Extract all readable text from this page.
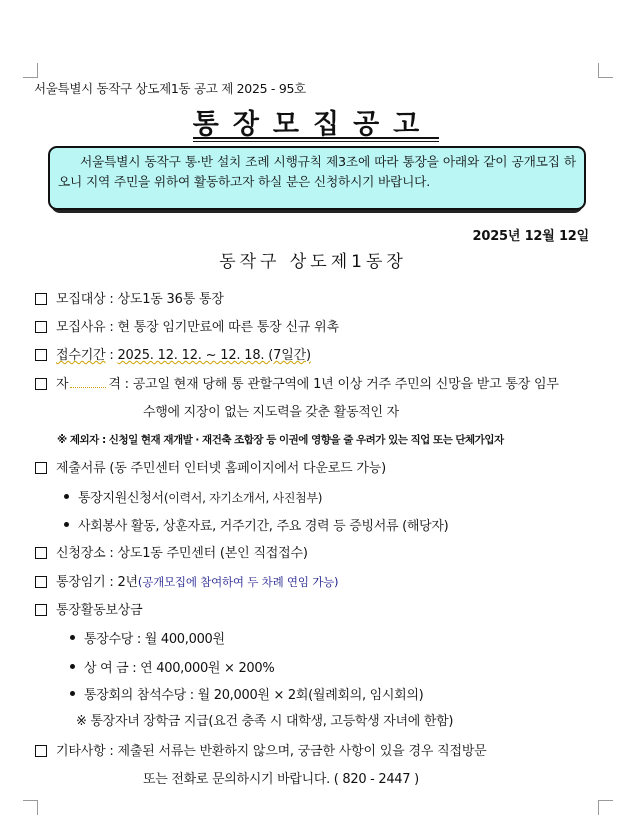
서울특별시 동작구 상도제1동 공고 제 2025 - 95호
통장모집공고
서울특별시 동작구 통·반 설치 조례 시행규칙 제3조에 따라 통장을 아래와 같이 공개모집 하오니 지역 주민을 위하여 활동하고자 하실 분은 신청하시기 바랍니다.
2025년 12월 12일
동작구 상도제1동장
모집대상 : 상도1동 36통 통장
모집사유 : 현 통장 임기만료에 따른 통장 신규 위촉
접수기간 : 2025. 12. 12. ~ 12. 18. (7일간)
자	격 : 공고일 현재 당해 통 관할구역에 1년 이상 거주 주민의 신망을 받고 통장 임무
수행에 지장이 없는 지도력을 갖춘 활동적인 자
※ 제외자 : 신청일 현재 재개발 · 재건축 조합장 등 이권에 영향을 줄 우려가 있는 직업 또는 단체가입자
제출서류 (동 주민센터 인터넷 홈페이지에서 다운로드 가능)
통장지원신청서(이력서, 자기소개서, 사진첨부)
사회봉사 활동, 상훈자료, 거주기간, 주요 경력 등 증빙서류 (해당자)
신청장소 : 상도1동 주민센터 (본인 직접접수)
통장임기 : 2년(공개모집에 참여하여 두 차례 연임 가능)
통장활동보상금
통장수당 : 월 400,000원
상 여 금 : 연 400,000원 × 200%
통장회의 참석수당 : 월 20,000원 × 2회(월례회의, 임시회의)
※ 통장자녀 장학금 지급(요건 충족 시 대학생, 고등학생 자녀에 한함)
기타사항 : 제출된 서류는 반환하지 않으며, 궁금한 사항이 있을 경우 직접방문
또는 전화로 문의하시기 바랍니다. ( 820 - 2447 )
